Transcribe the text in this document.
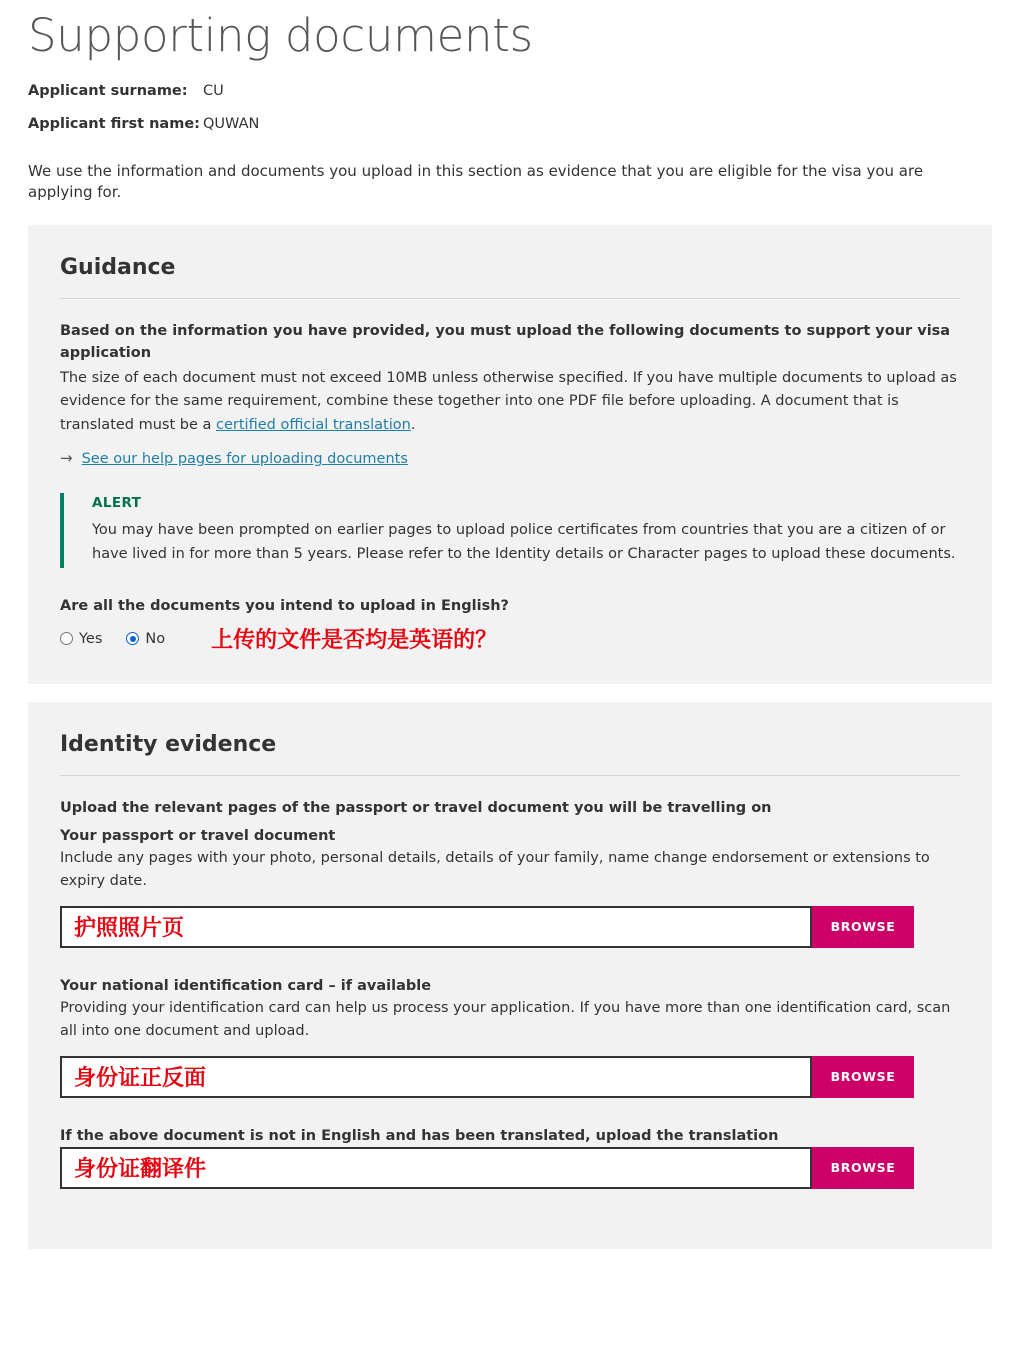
Supporting documents
Applicant surname:	CU
Applicant first name: QUWAN

We use the information and documents you upload in this section as evidence that you are eligible for the visa you are applying for.

Guidance

Based on the information you have provided, you must upload the following documents to support your visa application

The size of each document must not exceed 10MB unless otherwise specified. If you have multiple documents to upload as evidence for the same requirement, combine these together into one PDF file before uploading. A document that is translated must be a certified official translation.

→ See our help pages for uploading documents
ALERT
You may have been prompted on earlier pages to upload police certificates from countries that you are a citizen of or have lived in for more than 5 years. Please refer to the Identity details or Character pages to upload these documents.
Are all the documents you intend to upload in English?
Yes	No 上传的文件是否均是英语的？
Identity evidence

Upload the relevant pages of the passport or travel document you will be travelling on

Your passport or travel document
Include any pages with your photo, personal details, details of your family, name change endorsement or extensions to expiry date.
护照照片页	BROWSE
Your national identification card – if available
Providing your identification card can help us process your application. If you have more than one identification card, scan all into one document and upload.
身份证正反面	BROWSE
If the above document is not in English and has been translated, upload the translation
身份证翻译件	BROWSE
